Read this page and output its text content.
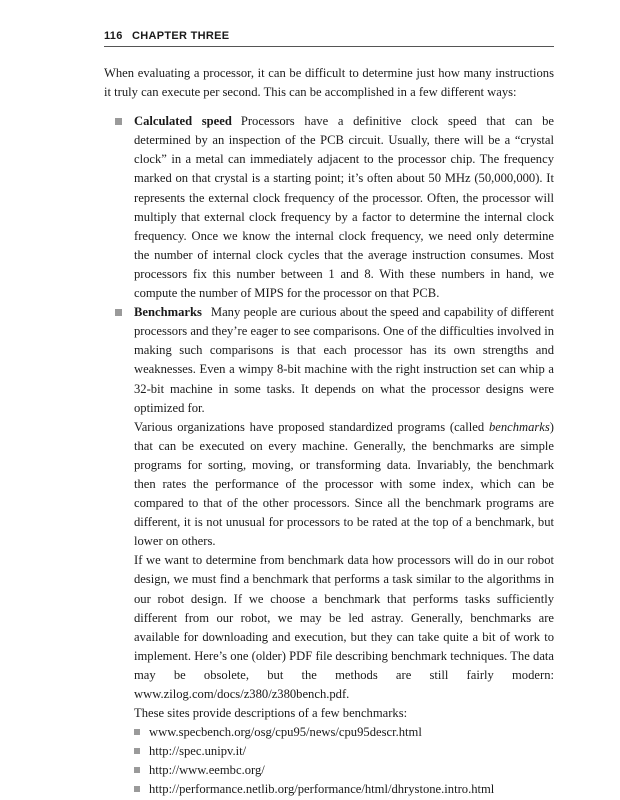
116 CHAPTER THREE

When evaluating a processor, it can be difficult to determine just how many instructions it truly can execute per second. This can be accomplished in a few different ways:

Calculated speed Processors have a definitive clock speed that can be determined by an inspection of the PCB circuit. Usually, there will be a “crystal clock” in a metal can immediately adjacent to the processor chip. The frequency marked on that crystal is a starting point; it’s often about 50 MHz (50,000,000). It represents the external clock frequency of the processor. Often, the processor will multiply that external clock frequency by a factor to determine the internal clock frequency. Once we know the internal clock frequency, we need only determine the number of internal clock cycles that the average instruction consumes. Most processors fix this number between 1 and 8. With these numbers in hand, we compute the number of MIPS for the processor on that PCB.
Benchmarks Many people are curious about the speed and capability of different processors and they’re eager to see comparisons. One of the difficulties involved in making such comparisons is that each processor has its own strengths and weaknesses. Even a wimpy 8-bit machine with the right instruction set can whip a 32-bit machine in some tasks. It depends on what the processor designs were optimized for.

Various organizations have proposed standardized programs (called benchmarks) that can be executed on every machine. Generally, the benchmarks are simple programs for sorting, moving, or transforming data. Invariably, the benchmark then rates the performance of the processor with some index, which can be compared to that of the other processors. Since all the benchmark programs are different, it is not unusual for processors to be rated at the top of a benchmark, but lower on others.

If we want to determine from benchmark data how processors will do in our robot design, we must find a benchmark that performs a task similar to the algorithms in our robot design. If we choose a benchmark that performs tasks sufficiently different from our robot, we may be led astray. Generally, benchmarks are available for downloading and execution, but they can take quite a bit of work to implement. Here’s one (older) PDF file describing benchmark techniques. The data may be obsolete, but the methods are still fairly modern: www.zilog.com/docs/z380/z380bench.pdf.

These sites provide descriptions of a few benchmarks:

www.specbench.org/osg/cpu95/news/cpu95descr.html
http://spec.unipv.it/
http://www.eembc.org/
http://performance.netlib.org/performance/html/dhrystone.intro.html
